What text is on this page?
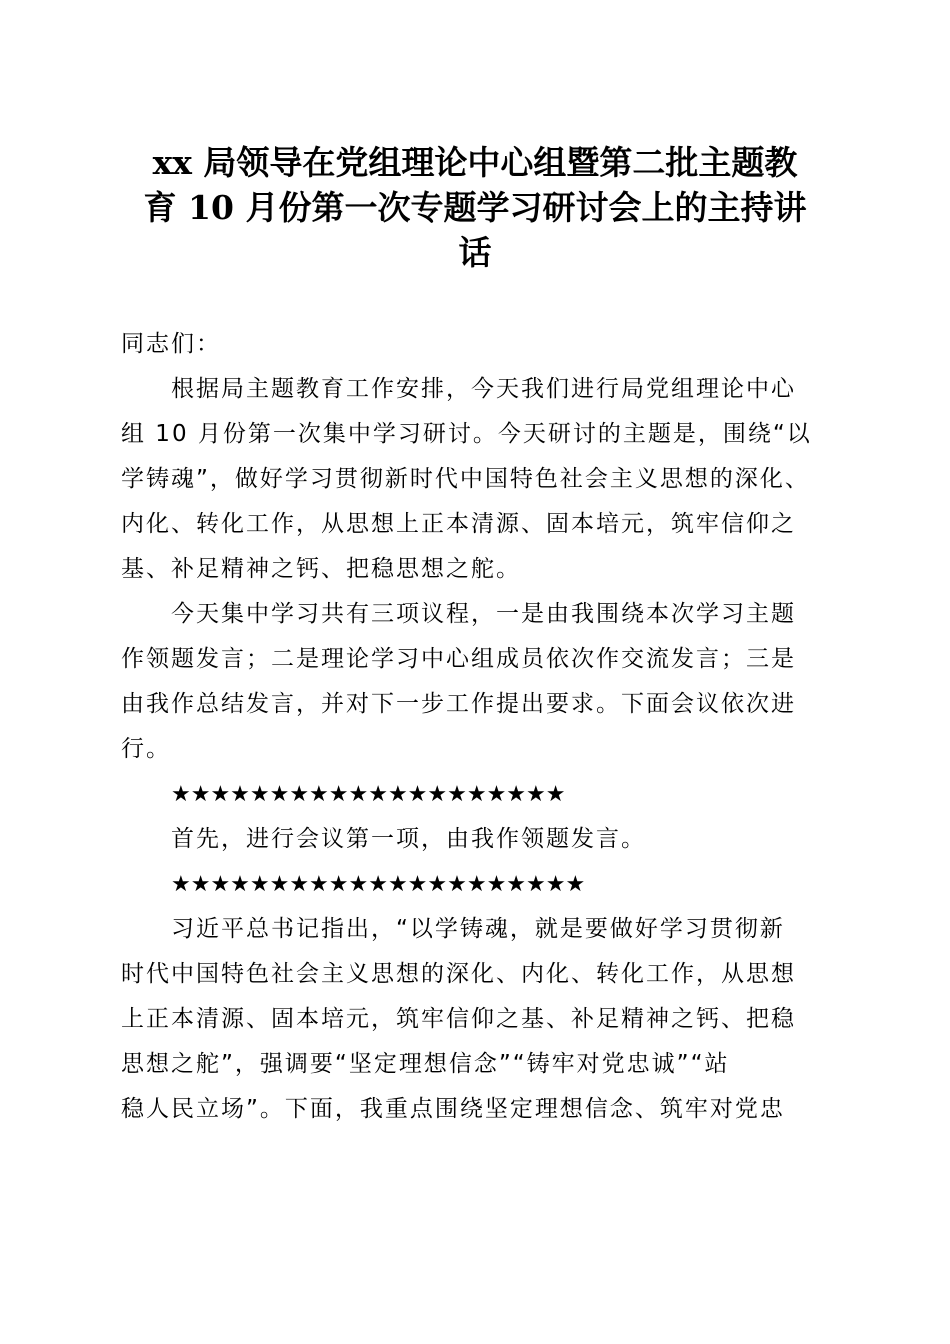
xx 局领导在党组理论中心组暨第二批主题教
育 10 月份第一次专题学习研讨会上的主持讲
话
同志们：
根据局主题教育工作安排，今天我们进行局党组理论中心
组 10 月份第一次集中学习研讨。今天研讨的主题是，围绕“以
学铸魂”，做好学习贯彻新时代中国特色社会主义思想的深化、
内化、转化工作，从思想上正本清源、固本培元，筑牢信仰之
基、补足精神之钙、把稳思想之舵。
今天集中学习共有三项议程，一是由我围绕本次学习主题
作领题发言；二是理论学习中心组成员依次作交流发言；三是
由我作总结发言，并对下一步工作提出要求。下面会议依次进
行。
★★★★★★★★★★★★★★★★★★★★
首先，进行会议第一项，由我作领题发言。
★★★★★★★★★★★★★★★★★★★★★
习近平总书记指出，“以学铸魂，就是要做好学习贯彻新
时代中国特色社会主义思想的深化、内化、转化工作，从思想
上正本清源、固本培元，筑牢信仰之基、补足精神之钙、把稳
思想之舵”，强调要“坚定理想信念”“铸牢对党忠诚”“站
稳人民立场”。下面，我重点围绕坚定理想信念、筑牢对党忠
